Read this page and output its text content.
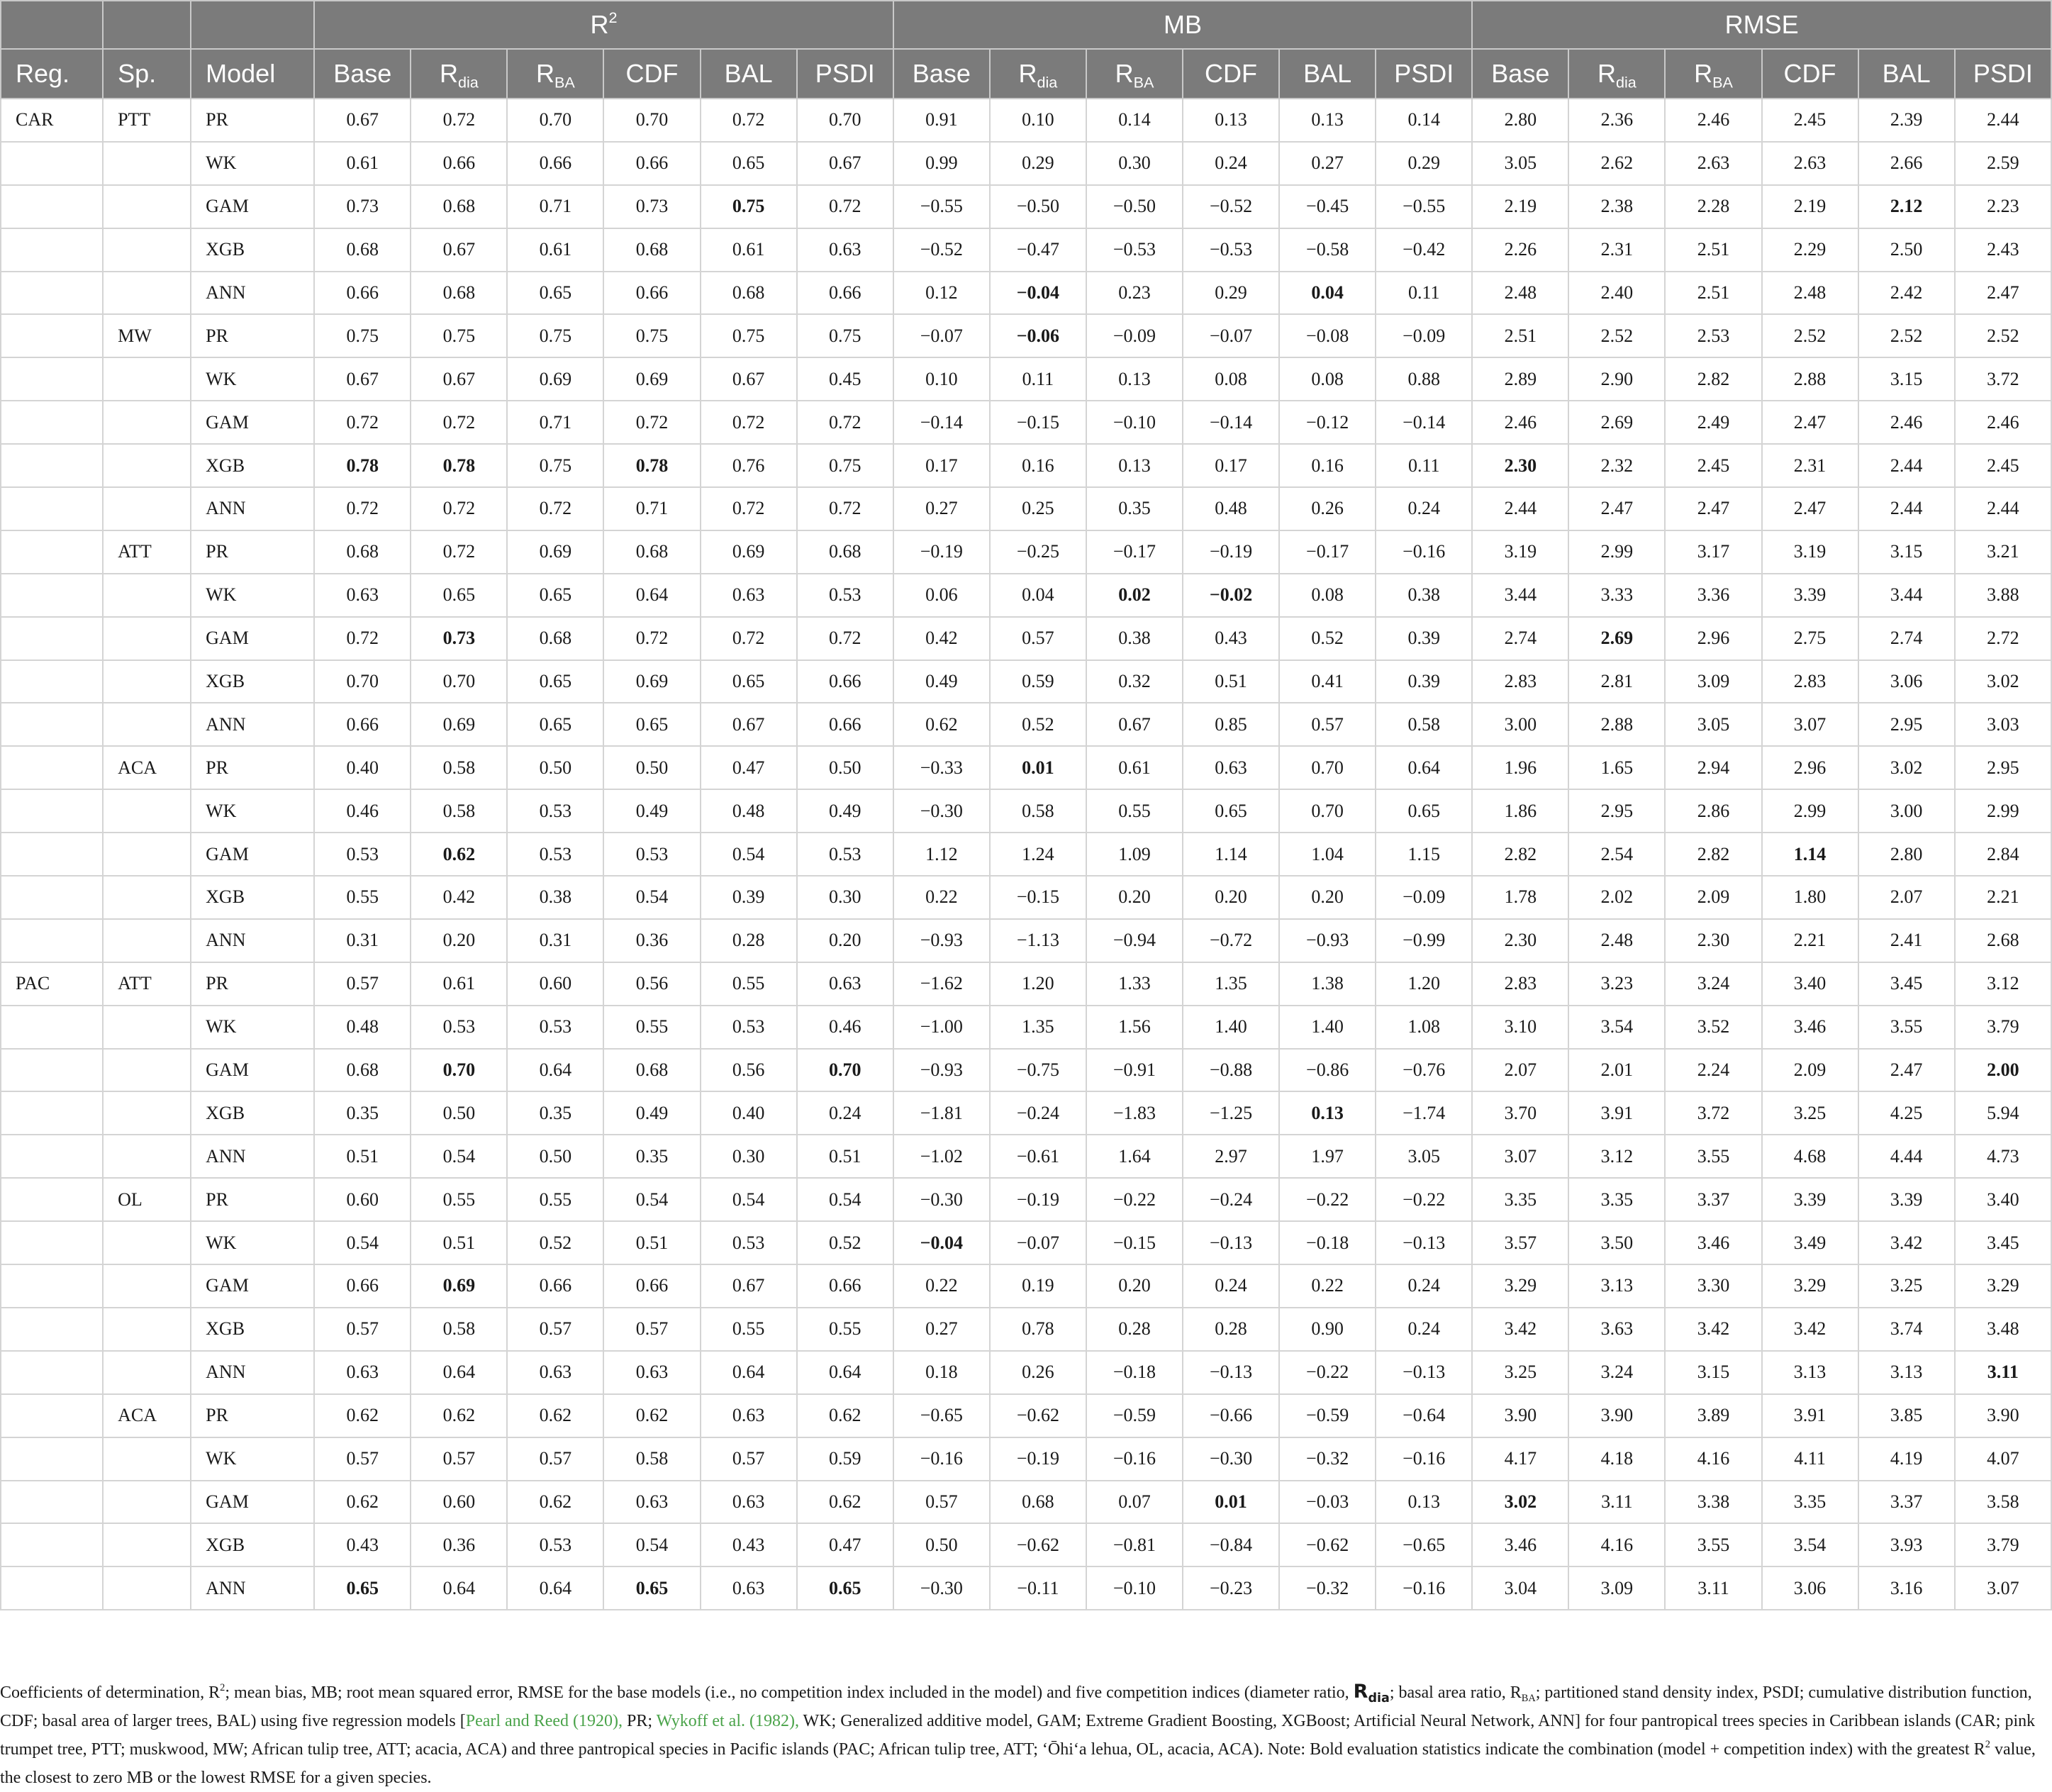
			$R^2$						MB						RMSE					
Reg.	Sp.	Model	Base	$R_{dia}$	$R_{BA}$	CDF	BAL	PSDI	Base	$R_{dia}$	$R_{BA}$	CDF	BAL	PSDI	Base	$R_{dia}$	$R_{BA}$	CDF	BAL	PSDI
CAR	PTT	PR	0.67	0.72	0.70	0.70	0.72	0.70	0.91	0.10	0.14	0.13	0.13	0.14	2.80	2.36	2.46	2.45	2.39	2.44
		WK	0.61	0.66	0.66	0.66	0.65	0.67	0.99	0.29	0.30	0.24	0.27	0.29	3.05	2.62	2.63	2.63	2.66	2.59
		GAM	0.73	0.68	0.71	0.73	0.75	0.72	−0.55	−0.50	−0.50	−0.52	−0.45	−0.55	2.19	2.38	2.28	2.19	2.12	2.23
		XGB	0.68	0.67	0.61	0.68	0.61	0.63	−0.52	−0.47	−0.53	−0.53	−0.58	−0.42	2.26	2.31	2.51	2.29	2.50	2.43
		ANN	0.66	0.68	0.65	0.66	0.68	0.66	0.12	−0.04	0.23	0.29	0.04	0.11	2.48	2.40	2.51	2.48	2.42	2.47
	MW	PR	0.75	0.75	0.75	0.75	0.75	0.75	−0.07	−0.06	−0.09	−0.07	−0.08	−0.09	2.51	2.52	2.53	2.52	2.52	2.52
		WK	0.67	0.67	0.69	0.69	0.67	0.45	0.10	0.11	0.13	0.08	0.08	0.88	2.89	2.90	2.82	2.88	3.15	3.72
		GAM	0.72	0.72	0.71	0.72	0.72	0.72	−0.14	−0.15	−0.10	−0.14	−0.12	−0.14	2.46	2.69	2.49	2.47	2.46	2.46
		XGB	0.78	0.78	0.75	0.78	0.76	0.75	0.17	0.16	0.13	0.17	0.16	0.11	2.30	2.32	2.45	2.31	2.44	2.45
		ANN	0.72	0.72	0.72	0.71	0.72	0.72	0.27	0.25	0.35	0.48	0.26	0.24	2.44	2.47	2.47	2.47	2.44	2.44
	ATT	PR	0.68	0.72	0.69	0.68	0.69	0.68	−0.19	−0.25	−0.17	−0.19	−0.17	−0.16	3.19	2.99	3.17	3.19	3.15	3.21
		WK	0.63	0.65	0.65	0.64	0.63	0.53	0.06	0.04	0.02	−0.02	0.08	0.38	3.44	3.33	3.36	3.39	3.44	3.88
		GAM	0.72	0.73	0.68	0.72	0.72	0.72	0.42	0.57	0.38	0.43	0.52	0.39	2.74	2.69	2.96	2.75	2.74	2.72
		XGB	0.70	0.70	0.65	0.69	0.65	0.66	0.49	0.59	0.32	0.51	0.41	0.39	2.83	2.81	3.09	2.83	3.06	3.02
		ANN	0.66	0.69	0.65	0.65	0.67	0.66	0.62	0.52	0.67	0.85	0.57	0.58	3.00	2.88	3.05	3.07	2.95	3.03
	ACA	PR	0.40	0.58	0.50	0.50	0.47	0.50	−0.33	0.01	0.61	0.63	0.70	0.64	1.96	1.65	2.94	2.96	3.02	2.95
		WK	0.46	0.58	0.53	0.49	0.48	0.49	−0.30	0.58	0.55	0.65	0.70	0.65	1.86	2.95	2.86	2.99	3.00	2.99
		GAM	0.53	0.62	0.53	0.53	0.54	0.53	1.12	1.24	1.09	1.14	1.04	1.15	2.82	2.54	2.82	1.14	2.80	2.84
		XGB	0.55	0.42	0.38	0.54	0.39	0.30	0.22	−0.15	0.20	0.20	0.20	−0.09	1.78	2.02	2.09	1.80	2.07	2.21
		ANN	0.31	0.20	0.31	0.36	0.28	0.20	−0.93	−1.13	−0.94	−0.72	−0.93	−0.99	2.30	2.48	2.30	2.21	2.41	2.68
PAC	ATT	PR	0.57	0.61	0.60	0.56	0.55	0.63	−1.62	1.20	1.33	1.35	1.38	1.20	2.83	3.23	3.24	3.40	3.45	3.12
		WK	0.48	0.53	0.53	0.55	0.53	0.46	−1.00	1.35	1.56	1.40	1.40	1.08	3.10	3.54	3.52	3.46	3.55	3.79
		GAM	0.68	0.70	0.64	0.68	0.56	0.70	−0.93	−0.75	−0.91	−0.88	−0.86	−0.76	2.07	2.01	2.24	2.09	2.47	2.00
		XGB	0.35	0.50	0.35	0.49	0.40	0.24	−1.81	−0.24	−1.83	−1.25	0.13	−1.74	3.70	3.91	3.72	3.25	4.25	5.94
		ANN	0.51	0.54	0.50	0.35	0.30	0.51	−1.02	−0.61	1.64	2.97	1.97	3.05	3.07	3.12	3.55	4.68	4.44	4.73
	OL	PR	0.60	0.55	0.55	0.54	0.54	0.54	−0.30	−0.19	−0.22	−0.24	−0.22	−0.22	3.35	3.35	3.37	3.39	3.39	3.40
		WK	0.54	0.51	0.52	0.51	0.53	0.52	−0.04	−0.07	−0.15	−0.13	−0.18	−0.13	3.57	3.50	3.46	3.49	3.42	3.45
		GAM	0.66	0.69	0.66	0.66	0.67	0.66	0.22	0.19	0.20	0.24	0.22	0.24	3.29	3.13	3.30	3.29	3.25	3.29
		XGB	0.57	0.58	0.57	0.57	0.55	0.55	0.27	0.78	0.28	0.28	0.90	0.24	3.42	3.63	3.42	3.42	3.74	3.48
		ANN	0.63	0.64	0.63	0.63	0.64	0.64	0.18	0.26	−0.18	−0.13	−0.22	−0.13	3.25	3.24	3.15	3.13	3.13	3.11
	ACA	PR	0.62	0.62	0.62	0.62	0.63	0.62	−0.65	−0.62	−0.59	−0.66	−0.59	−0.64	3.90	3.90	3.89	3.91	3.85	3.90
		WK	0.57	0.57	0.57	0.58	0.57	0.59	−0.16	−0.19	−0.16	−0.30	−0.32	−0.16	4.17	4.18	4.16	4.11	4.19	4.07
		GAM	0.62	0.60	0.62	0.63	0.63	0.62	0.57	0.68	0.07	0.01	−0.03	0.13	3.02	3.11	3.38	3.35	3.37	3.58
		XGB	0.43	0.36	0.53	0.54	0.43	0.47	0.50	−0.62	−0.81	−0.84	−0.62	−0.65	3.46	4.16	3.55	3.54	3.93	3.79
		ANN	0.65	0.64	0.64	0.65	0.63	0.65	−0.30	−0.11	−0.10	−0.23	−0.32	−0.16	3.04	3.09	3.11	3.06	3.16	3.07
Coefficients of determination, $R^2$; mean bias, MB; root mean squared error, RMSE for the base models (i.e., no competition index included in the model) and five competition indices (diameter ratio, $R_{dia}$; basal area ratio, $R_{BA}$; partitioned stand density index, PSDI; cumulative distribution function, CDF; basal area of larger trees, BAL) using five regression models [Pearl and Reed (1920), PR; Wykoff et al. (1982), WK; Generalized additive model, GAM; Extreme Gradient Boosting, XGBoost; Artificial Neural Network, ANN] for four pantropical trees species in Caribbean islands (CAR; pink trumpet tree, PTT; muskwood, MW; African tulip tree, ATT; acacia, ACA) and three pantropical species in Pacific islands (PAC; African tulip tree, ATT; ʻŌhiʻa lehua, OL, acacia, ACA). Note: Bold evaluation statistics indicate the combination (model + competition index) with the greatest $R^2$ value, the closest to zero MB or the lowest RMSE for a given species.
